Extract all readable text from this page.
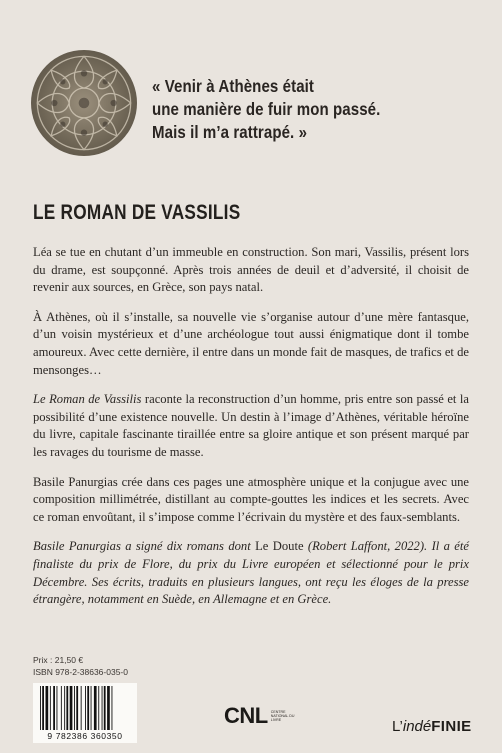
« Venir à Athènes était
une manière de fuir mon passé.
Mais il m’a rattrapé. »
LE ROMAN DE VASSILIS

Léa se tue en chutant d’un immeuble en construction. Son mari, Vassilis, présent lors du drame, est soupçonné. Après trois années de deuil et d’adversité, il choisit de revenir aux sources, en Grèce, son pays natal.

À Athènes, où il s’installe, sa nouvelle vie s’organise autour d’une mère fantasque, d’un voisin mystérieux et d’une archéologue tout aussi énigmatique dont il tombe amoureux. Avec cette dernière, il entre dans un monde fait de masques, de trafics et de mensonges…

Le Roman de Vassilis raconte la reconstruction d’un homme, pris entre son passé et la possibilité d’une existence nouvelle. Un destin à l’image d’Athènes, véritable héroïne du livre, capitale fascinante tiraillée entre sa gloire antique et son présent marqué par les ravages du tourisme de masse.

Basile Panurgias crée dans ces pages une atmosphère unique et la conjugue avec une composition millimétrée, distillant au compte-gouttes les indices et les secrets. Avec ce roman envoûtant, il s’impose comme l’écrivain du mystère et des faux-semblants.

Basile Panurgias a signé dix romans dont Le Doute (Robert Laffont, 2022). Il a été finaliste du prix de Flore, du prix du Livre européen et sélectionné pour le prix Décembre. Ses écrits, traduits en plusieurs langues, ont reçu les éloges de la presse étrangère, notamment en Suède, en Allemagne et en Grèce.

Prix : 21,50 €
ISBN 978-2-38636-035-0
9 782386 360350
CNL CENTRE NATIONAL DU LIVRE	L’indéFINIE
